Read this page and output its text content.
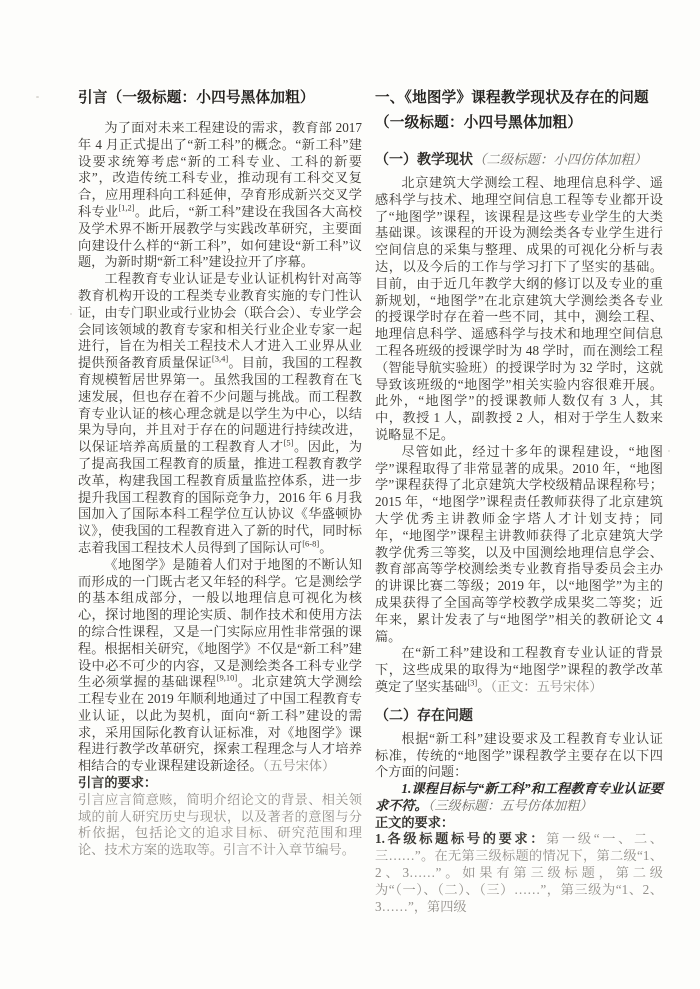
引言（一级标题：小四号黑体加粗）

为了面对未来工程建设的需求，教育部 2017 年 4 月正式提出了“新工科”的概念。“新工科”建设要求统筹考虑“新的工科专业、工科的新要求”，改造传统工科专业，推动现有工科交叉复合，应用理科向工科延伸，孕育形成新兴交叉学科专业[1,2]。此后，“新工科”建设在我国各大高校及学术界不断开展教学与实践改革研究，主要面向建设什么样的“新工科”，如何建设“新工科”议题，为新时期“新工科”建设拉开了序幕。

工程教育专业认证是专业认证机构针对高等教育机构开设的工程类专业教育实施的专门性认证，由专门职业或行业协会（联合会）、专业学会会同该领域的教育专家和相关行业企业专家一起进行，旨在为相关工程技术人才进入工业界从业提供预备教育质量保证[3,4]。目前，我国的工程教育规模暂居世界第一。虽然我国的工程教育在飞速发展，但也存在着不少问题与挑战。而工程教育专业认证的核心理念就是以学生为中心，以结果为导向，并且对于存在的问题进行持续改进，以保证培养高质量的工程教育人才[5]。因此，为了提高我国工程教育的质量，推进工程教育教学改革，构建我国工程教育质量监控体系，进一步提升我国工程教育的国际竞争力，2016 年 6 月我国加入了国际本科工程学位互认协议《华盛顿协议》，使我国的工程教育进入了新的时代，同时标志着我国工程技术人员得到了国际认可[6-8]。

《地图学》是随着人们对于地图的不断认知而形成的一门既古老又年轻的科学。它是测绘学的基本组成部分，一般以地理信息可视化为核心，探讨地图的理论实质、制作技术和使用方法的综合性课程，又是一门实际应用性非常强的课程。根据相关研究，《地图学》不仅是“新工科”建设中必不可少的内容，又是测绘类各工科专业学生必须掌握的基础课程[9,10]。北京建筑大学测绘工程专业在 2019 年顺利地通过了中国工程教育专业认证，以此为契机，面向“新工科”建设的需求，采用国际化教育认证标准，对《地图学》课程进行教学改革研究，探索工程理念与人才培养相结合的专业课程建设新途径。（五号宋体）

引言的要求：

引言应言简意赅，简明介绍论文的背景、相关领域的前人研究历史与现状，以及著者的意图与分析依据，包括论文的追求目标、研究范围和理论、技术方案的选取等。引言不计入章节编号。

一、《地图学》课程教学现状及存在的问题
（一级标题：小四号黑体加粗）
（一）教学现状（二级标题：小四仿体加粗）

北京建筑大学测绘工程、地理信息科学、遥感科学与技术、地理空间信息工程等专业都开设了“地图学”课程，该课程是这些专业学生的大类基础课。该课程的开设为测绘类各专业学生进行空间信息的采集与整理、成果的可视化分析与表达，以及今后的工作与学习打下了坚实的基础。目前，由于近几年教学大纲的修订以及专业的重新规划，“地图学”在北京建筑大学测绘类各专业的授课学时存在着一些不同，其中，测绘工程、地理信息科学、遥感科学与技术和地理空间信息工程各班级的授课学时为 48 学时，而在测绘工程（智能导航实验班）的授课学时为 32 学时，这就导致该班级的“地图学”相关实验内容很难开展。此外，“地图学”的授课教师人数仅有 3 人，其中，教授 1 人，副教授 2 人，相对于学生人数来说略显不足。

尽管如此，经过十多年的课程建设，“地图学”课程取得了非常显著的成果。2010 年，“地图学”课程获得了北京建筑大学校级精品课程称号；2015 年，“地图学”课程责任教师获得了北京建筑大学优秀主讲教师金字塔人才计划支持；同年，“地图学”课程主讲教师获得了北京建筑大学教学优秀三等奖，以及中国测绘地理信息学会、教育部高等学校测绘类专业教育指导委员会主办的讲课比赛二等级；2019 年，以“地图学”为主的成果获得了全国高等学校教学成果奖二等奖；近年来，累计发表了与“地图学”相关的教研论文 4 篇。

在“新工科”建设和工程教育专业认证的背景下，这些成果的取得为“地图学”课程的教学改革奠定了坚实基础[3]。（正文：五号宋体）

（二）存在问题

根据“新工科”建设要求及工程教育专业认证标准，传统的“地图学”课程教学主要存在以下四个方面的问题：

1.课程目标与“新工科”和工程教育专业认证要求不符。（三级标题：五号仿体加粗）

正文的要求：

1.各级标题标号的要求：第一级“一、二、三……”。在无第三级标题的情况下，第二级“1、2、3……”。如果有第三级标题，第二级为“（一）、（二）、（三）……”，第三级为“1、2、3……”，第四级
